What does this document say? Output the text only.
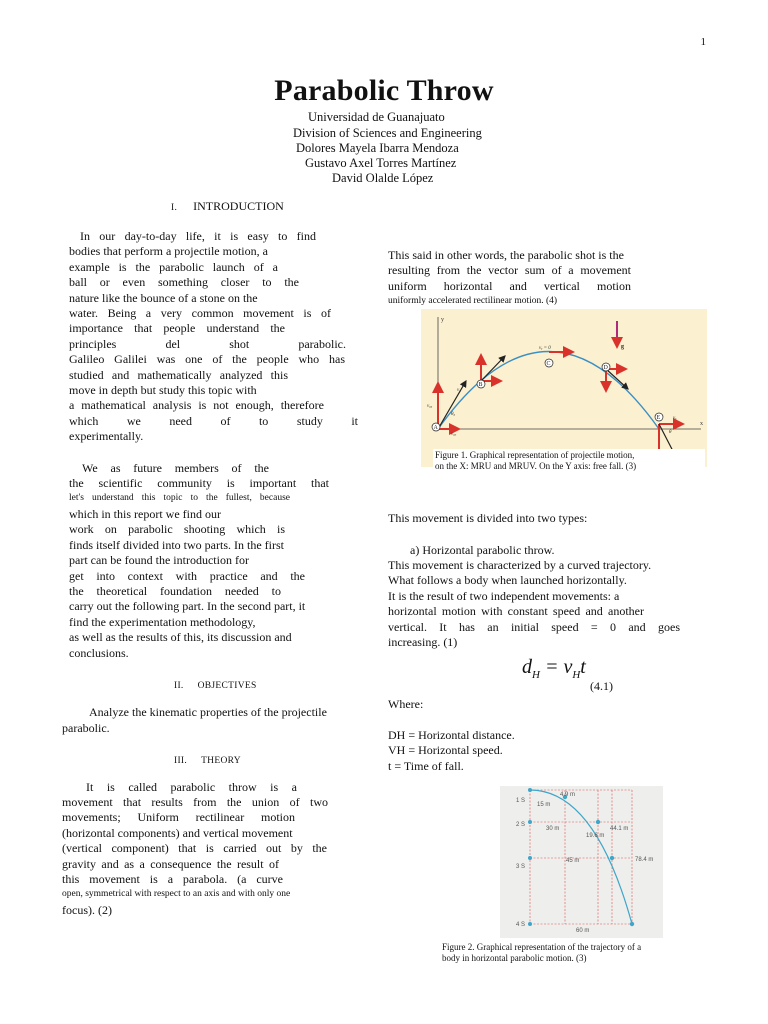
1
Parabolic Throw
Universidad de Guanajuato
Division of Sciences and Engineering
Dolores Mayela Ibarra Mendoza
Gustavo Axel Torres Martínez
David Olalde López
I. INTRODUCTION
In our day-to-day life, it is easy to find
bodies that perform a projectile motion, a
example is the parabolic launch of a
ball or even something closer to the
nature like the bounce of a stone on the
water. Being a very common movement is of
importance that people understand the
principles del shot parabolic.
Galileo Galilei was one of the people who has
studied and mathematically analyzed this
move in depth but study this topic with
a mathematical analysis is not enough, therefore
which we need of to study it
experimentally.
We as future members of the
the scientific community is important that
let's understand this topic to the fullest, because
which in this report we find our
work on parabolic shooting which is
finds itself divided into two parts. In the first
part can be found the introduction for
get into context with practice and the
the theoretical foundation needed to
carry out the following part. In the second part, it
find the experimentation methodology,
as well as the results of this, its discussion and
conclusions.
II. OBJECTIVES
Analyze the kinematic properties of the projectile
parabolic.
III. THEORY
It is called parabolic throw is a
movement that results from the union of two
movements; Uniform rectilinear motion
(horizontal components) and vertical movement
(vertical component) that is carried out by the
gravity and as a consequence the result of
this movement is a parabola. (a curve
open, symmetrical with respect to an axis and with only one
focus). (2)
This said in other words, the parabolic shot is the
resulting from the vector sum of a movement
uniform horizontal and vertical motion
uniformly accelerated rectilinear motion. (4)
y
x
g
A
B
C
D
E
v₀
v₀ᵧ
v₀ₓ
vᵧ = 0
θ₀
θ
vₓ
Figure 1. Graphical representation of projectile motion,
on the X: MRU and MRUV. On the Y axis: free fall. (3)
This movement is divided into two types:
a) Horizontal parabolic throw.
This movement is characterized by a curved trajectory.
What follows a body when launched horizontally.
It is the result of two independent movements: a
horizontal motion with constant speed and another
vertical. It has an initial speed = 0 and goes
increasing. (1)
$d_H = v_Ht$
(4.1)
Where:
DH = Horizontal distance.
VH = Horizontal speed.
t = Time of fall.
1 S
2 S
3 S
4 S
15 m
30 m
45 m
60 m
4.9 m
19.6 m
44.1 m
78.4 m
Figure 2. Graphical representation of the trajectory of a
body in horizontal parabolic motion. (3)
